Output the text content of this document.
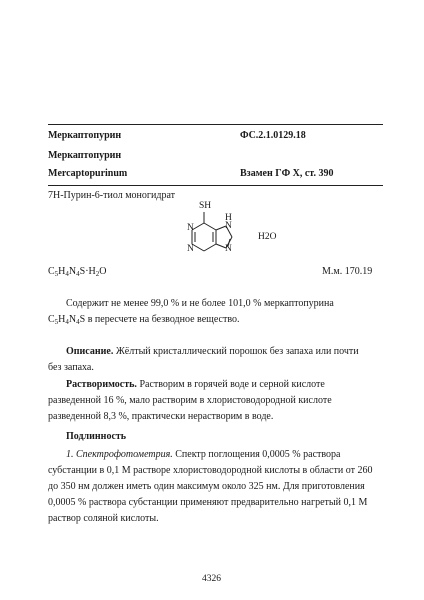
Меркаптопурин	ФС.2.1.0129.18
Меркаптопурин
Mercaptopurinum	Взамен ГФ Х, ст. 390
7H-Пурин-6-тиол моногидрат
SH
H
N
N
N	N
H2O
$C_5H_4N_4S\cdot H_2O$	М.м. 170.19
Содержит не менее 99,0 % и не более 101,0 % меркаптопурина
$C_5H_4N_4S$ в пересчете на безводное вещество.
Описание. Жёлтый кристаллический порошок без запаха или почти
без запаха.
Растворимость. Растворим в горячей воде и серной кислоте
разведенной 16 %, мало растворим в хлористоводородной кислоте
разведенной 8,3 %, практически нерастворим в воде.
Подлинность
1. Спектрофотометрия. Спектр поглощения 0,0005 % раствора
субстанции в 0,1 М растворе хлористоводородной кислоты в области от 260
до 350 нм должен иметь один максимум около 325 нм. Для приготовления
0,0005 % раствора субстанции применяют предварительно нагретый 0,1 М
раствор соляной кислоты.
4326
